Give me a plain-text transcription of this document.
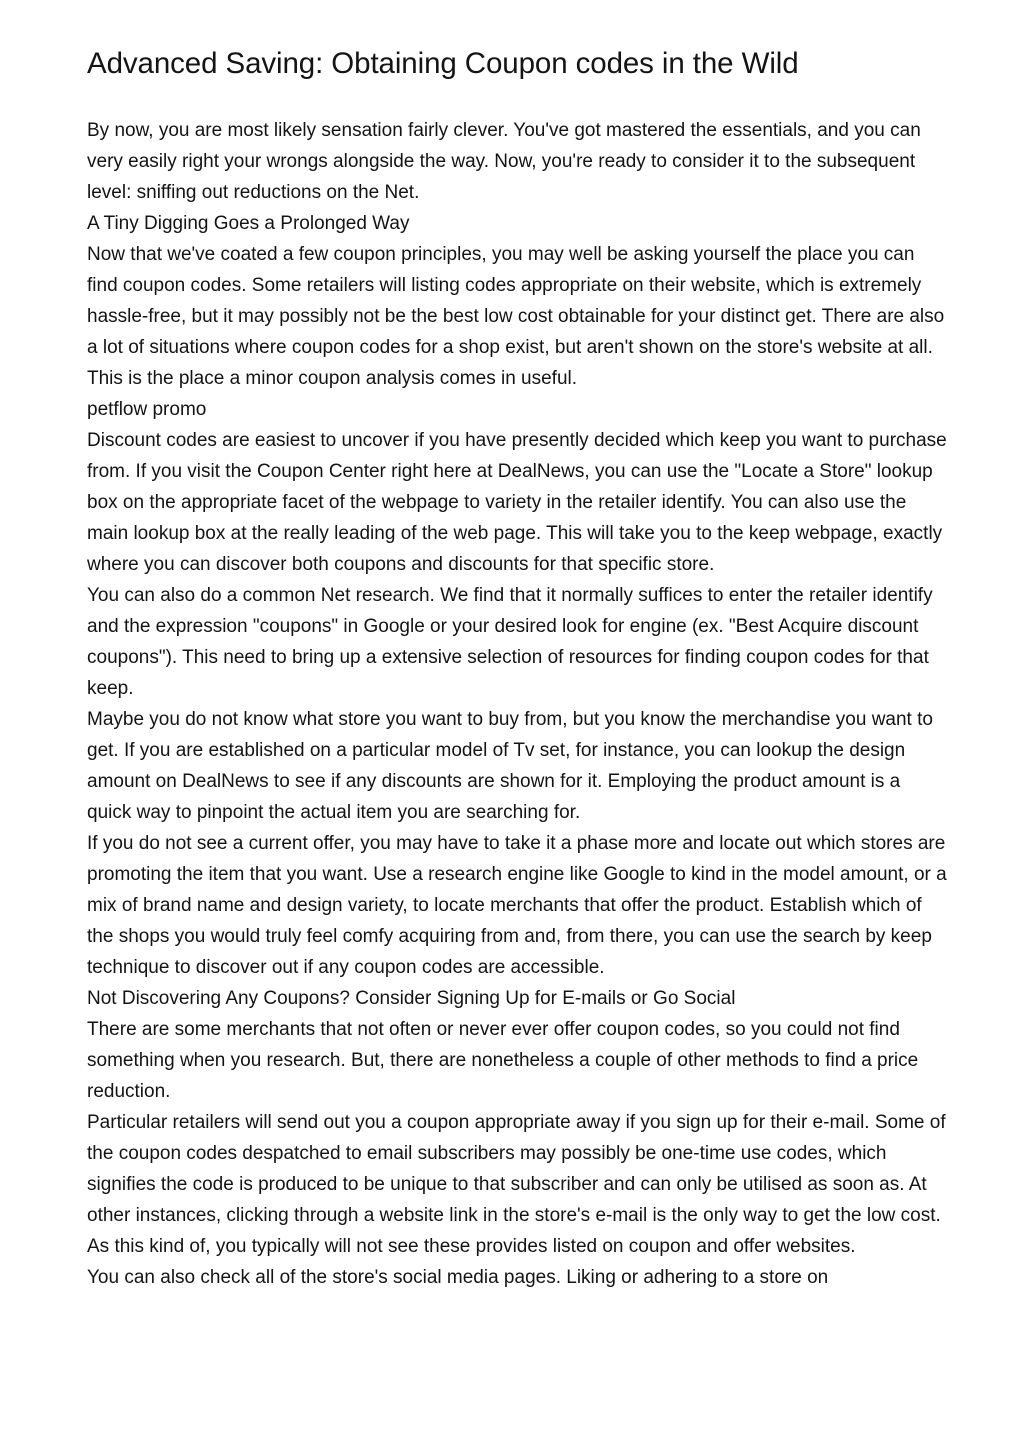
Advanced Saving: Obtaining Coupon codes in the Wild

By now, you are most likely sensation fairly clever. You've got mastered the essentials, and you can very easily right your wrongs alongside the way. Now, you're ready to consider it to the subsequent level: sniffing out reductions on the Net.

A Tiny Digging Goes a Prolonged Way

Now that we've coated a few coupon principles, you may well be asking yourself the place you can find coupon codes. Some retailers will listing codes appropriate on their website, which is extremely hassle-free, but it may possibly not be the best low cost obtainable for your distinct get. There are also a lot of situations where coupon codes for a shop exist, but aren't shown on the store's website at all. This is the place a minor coupon analysis comes in useful.

petflow promo

Discount codes are easiest to uncover if you have presently decided which keep you want to purchase from. If you visit the Coupon Center right here at DealNews, you can use the "Locate a Store" lookup box on the appropriate facet of the webpage to variety in the retailer identify. You can also use the main lookup box at the really leading of the web page. This will take you to the keep webpage, exactly where you can discover both coupons and discounts for that specific store.

You can also do a common Net research. We find that it normally suffices to enter the retailer identify and the expression "coupons" in Google or your desired look for engine (ex. "Best Acquire discount coupons"). This need to bring up a extensive selection of resources for finding coupon codes for that keep.

Maybe you do not know what store you want to buy from, but you know the merchandise you want to get. If you are established on a particular model of Tv set, for instance, you can lookup the design amount on DealNews to see if any discounts are shown for it. Employing the product amount is a quick way to pinpoint the actual item you are searching for.

If you do not see a current offer, you may have to take it a phase more and locate out which stores are promoting the item that you want. Use a research engine like Google to kind in the model amount, or a mix of brand name and design variety, to locate merchants that offer the product. Establish which of the shops you would truly feel comfy acquiring from and, from there, you can use the search by keep technique to discover out if any coupon codes are accessible.

Not Discovering Any Coupons? Consider Signing Up for E-mails or Go Social

There are some merchants that not often or never ever offer coupon codes, so you could not find something when you research. But, there are nonetheless a couple of other methods to find a price reduction.

Particular retailers will send out you a coupon appropriate away if you sign up for their e-mail. Some of the coupon codes despatched to email subscribers may possibly be one-time use codes, which signifies the code is produced to be unique to that subscriber and can only be utilised as soon as. At other instances, clicking through a website link in the store's e-mail is the only way to get the low cost. As this kind of, you typically will not see these provides listed on coupon and offer websites.

You can also check all of the store's social media pages. Liking or adhering to a store on
